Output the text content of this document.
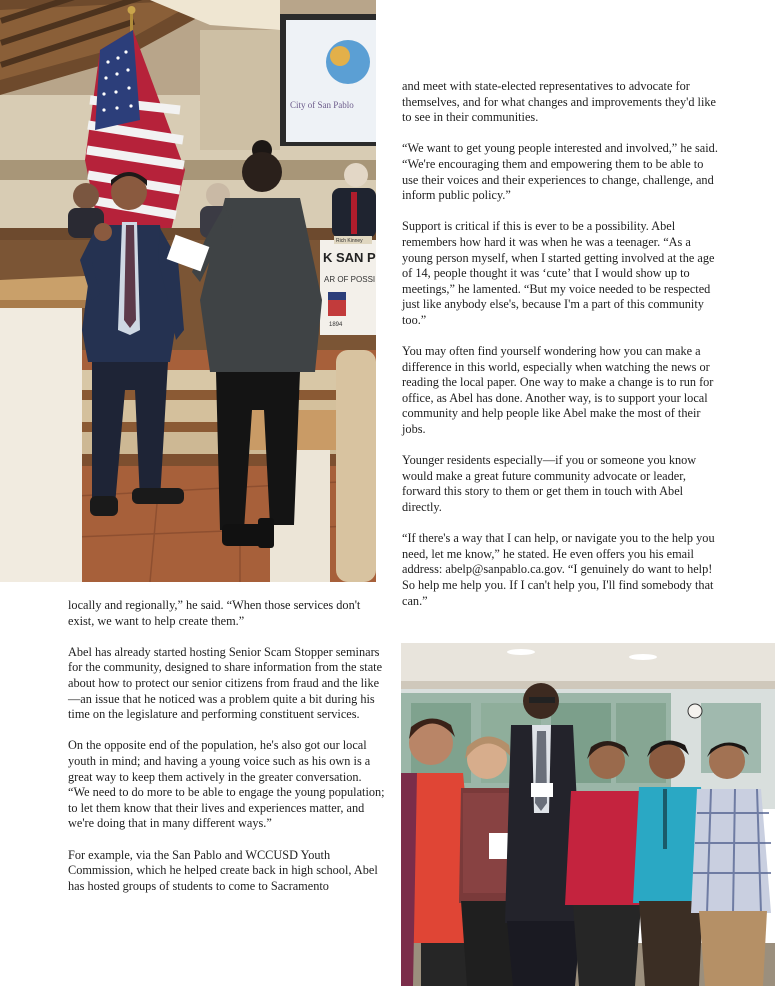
City of San Pablo
K SAN P
AR OF POSSI
1894
Rich Kinney

and meet with state-elected representatives to advocate for themselves, and for what changes and improvements they'd like to see in their communities.

“We want to get young people interested and involved,” he said. “We're encouraging them and empowering them to be able to use their voices and their experiences to change, challenge, and inform public policy.”

Support is critical if this is ever to be a possibility. Abel remembers how hard it was when he was a teenager. “As a young person myself, when I started getting involved at the age of 14, people thought it was ‘cute’ that I would show up to meetings,” he lamented. “But my voice needed to be respected just like anybody else's, because I'm a part of this community too.”

You may often find yourself wondering how you can make a difference in this world, especially when watching the news or reading the local paper. One way to make a change is to run for office, as Abel has done. Another way, is to support your local community and help people like Abel make the most of their jobs.

Younger residents especially—if you or someone you know would make a great future community advocate or leader, forward this story to them or get them in touch with Abel directly.

“If there's a way that I can help, or navigate you to the help you need, let me know,” he stated. He even offers you his email address: abelp@sanpablo.ca.gov. “I genuinely do want to help! So help me help you. If I can't help you, I'll find somebody that can.”

locally and regionally,” he said. “When those services don't exist, we want to help create them.”

Abel has already started hosting Senior Scam Stopper seminars for the community, designed to share information from the state about how to protect our senior citizens from fraud and the like—an issue that he noticed was a problem quite a bit during his time on the legislature and performing constituent services.

On the opposite end of the population, he's also got our local youth in mind; and having a young voice such as his own is a great way to keep them actively in the greater conversation. “We need to do more to be able to engage the young population; to let them know that their lives and experiences matter, and we're doing that in many different ways.”

For example, via the San Pablo and WCCUSD Youth Commission, which he helped create back in high school, Abel has hosted groups of students to come to Sacramento
